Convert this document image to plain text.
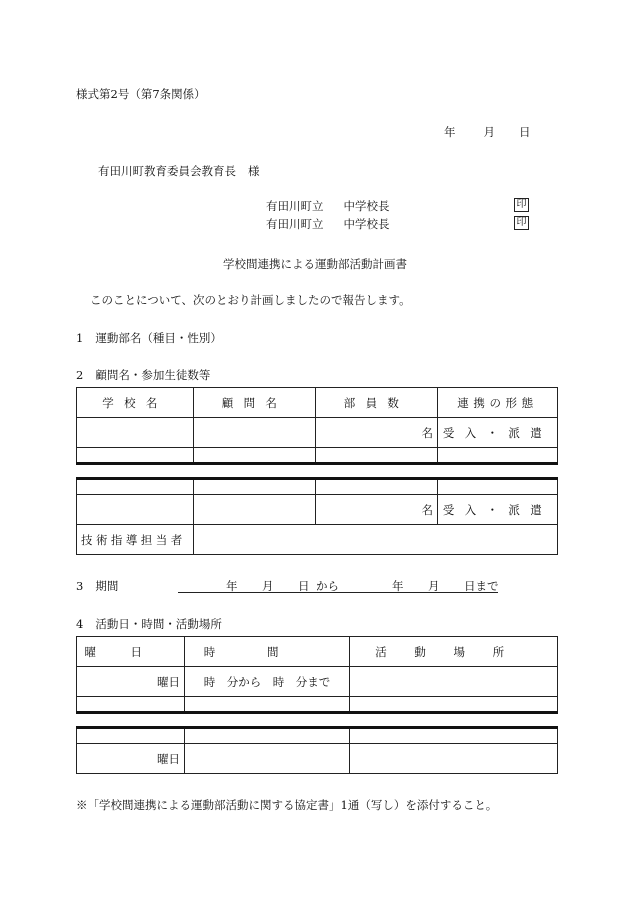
様式第2号（第7条関係）
年 月 日
有田川町教育委員会教育長 様
有田川町立 中学校長	印
有田川町立 中学校長	印
学校間連携による運動部活動計画書
このことについて、次のとおり計画しましたので報告します。
1 運動部名（種目・性別）
2 顧問名・参加生徒数等
学校名	顧問名	部員数	連携の形態
		名	受入・派遣

		名	受入・派遣
技術指導担当者			
3 期間	年 月 日 から	年 月 日まで
4 活動日・時間・活動場所
曜日	時間	活動場所
曜日	時　分から　時　分まで	

曜日		
※「学校間連携による運動部活動に関する協定書」1通（写し）を添付すること。
